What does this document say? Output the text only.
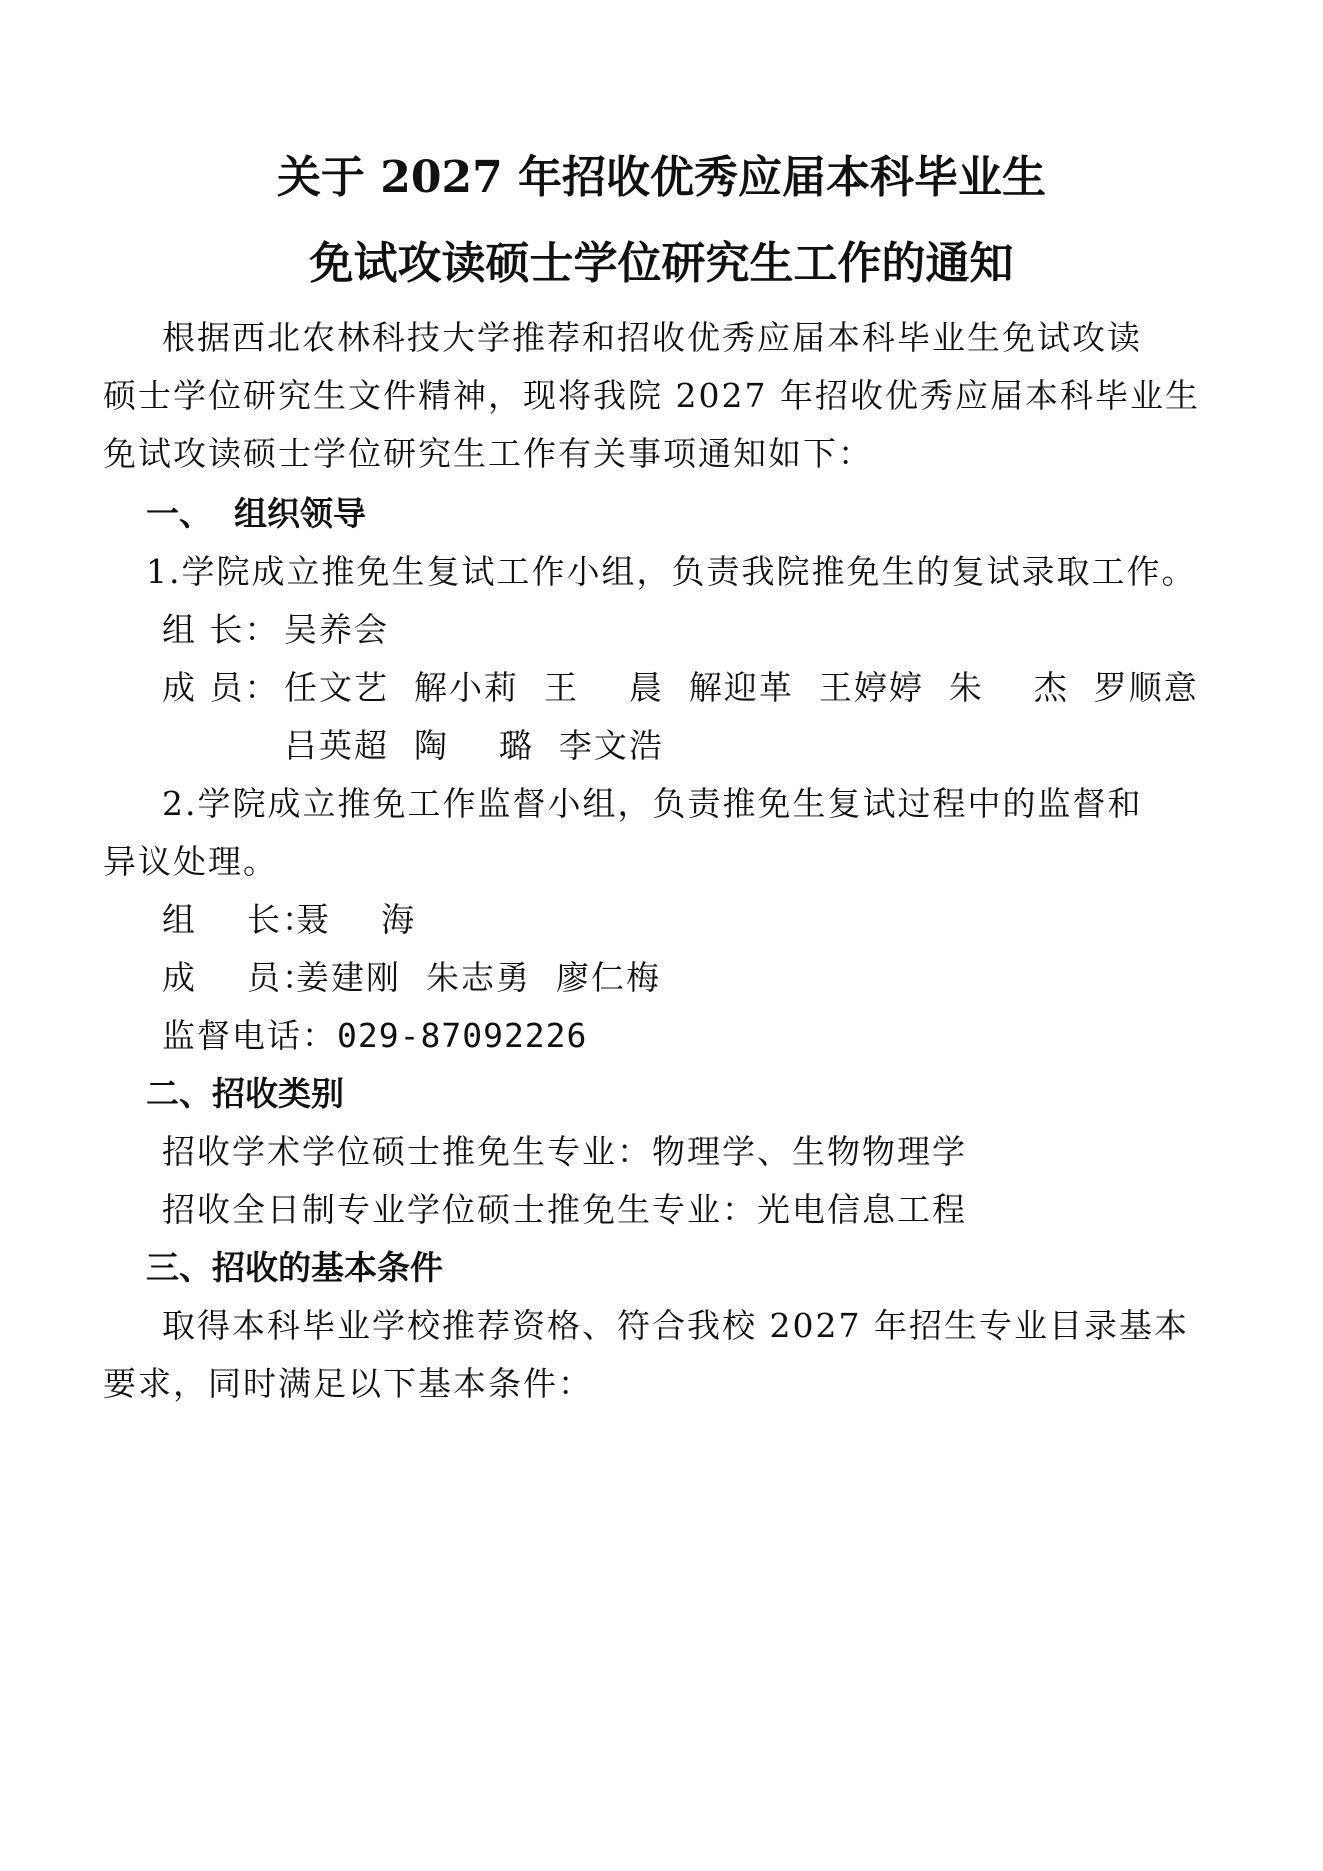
关于 2027 年招收优秀应届本科毕业生
免试攻读硕士学位研究生工作的通知

根据西北农林科技大学推荐和招收优秀应届本科毕业生免试攻读

硕士学位研究生文件精神，现将我院 2027 年招收优秀应届本科毕业生

免试攻读硕士学位研究生工作有关事项通知如下：

一、 组织领导

1.学院成立推免生复试工作小组，负责我院推免生的复试录取工作。

组 长： 吴养会
成 员： 任文艺  解小莉  王    晨  解迎革  王婷婷  朱    杰  罗顺意

吕英超  陶    璐  李文浩

2.学院成立推免工作监督小组，负责推免生复试过程中的监督和

异议处理。

组    长：聂    海
成    员：姜建刚  朱志勇  廖仁梅
监督电话：029-87092226

二、招收类别

招收学术学位硕士推免生专业：物理学、生物物理学

招收全日制专业学位硕士推免生专业：光电信息工程

三、招收的基本条件

取得本科毕业学校推荐资格、符合我校 2027 年招生专业目录基本

要求，同时满足以下基本条件：
